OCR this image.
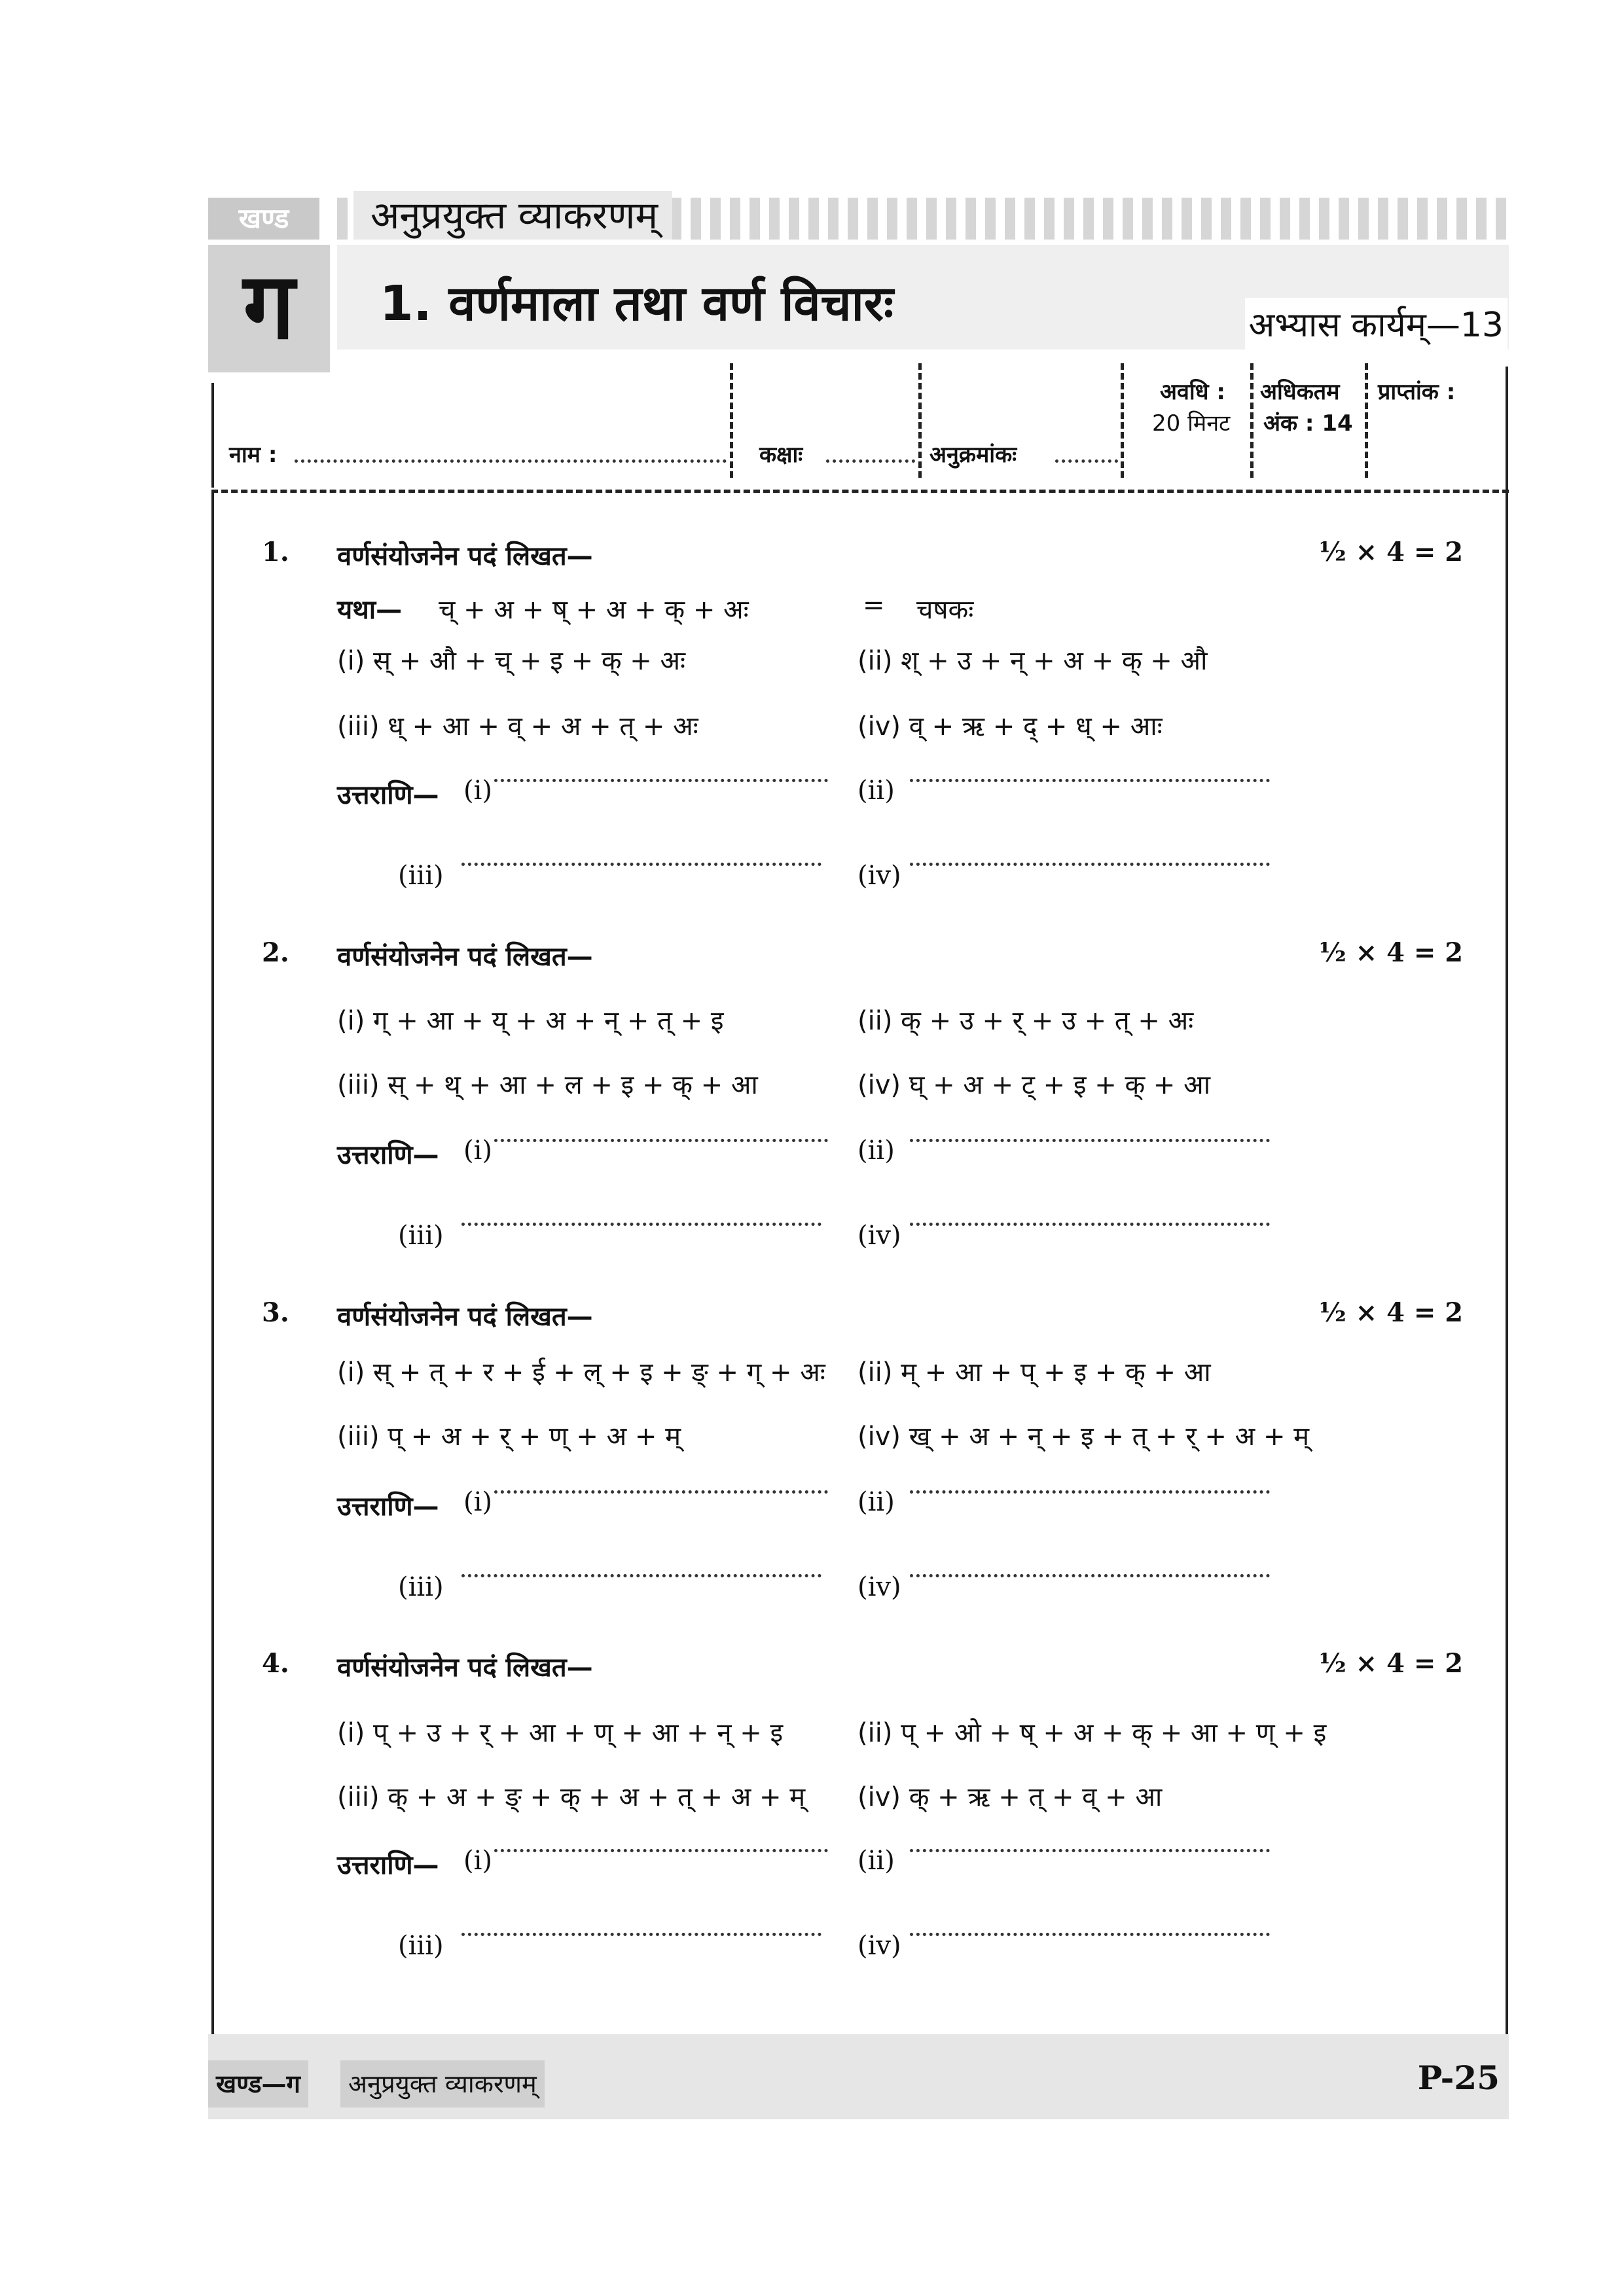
खण्ड	अनुप्रयुक्त व्याकरणम्
ग	1. वर्णमाला तथा वर्ण विचारः	अभ्यास कार्यम्—13
नाम :	कक्षाः	अनुक्रमांकः
अवधि :
20 मिनट
अधिकतम
अंक : 14
प्राप्तांक :
1. वर्णसंयोजनेन पदं लिखत—	½ × 4 = 2
यथा— च् + अ + ष् + अ + क् + अः	= चषकः
(i) स् + औ + च् + इ + क् + अः	(ii) श् + उ + न् + अ + क् + औ
(iii) ध् + आ + व् + अ + त् + अः	(iv) व् + ऋ + द् + ध् + आः
उत्तराणि— (i)	(ii)
(iii)	(iv)
2. वर्णसंयोजनेन पदं लिखत—	½ × 4 = 2
(i) ग् + आ + य् + अ + न् + त् + इ	(ii) क् + उ + र् + उ + त् + अः
(iii) स् + थ् + आ + ल + इ + क् + आ	(iv) घ् + अ + ट् + इ + क् + आ
उत्तराणि— (i)	(ii)
(iii)	(iv)
3. वर्णसंयोजनेन पदं लिखत—	½ × 4 = 2
(i) स् + त् + र + ई + ल् + इ + ङ् + ग् + अः (ii) म् + आ + प् + इ + क् + आ
(iii) प् + अ + र् + ण् + अ + म्	(iv) ख् + अ + न् + इ + त् + र् + अ + म्
उत्तराणि— (i)	(ii)
(iii)	(iv)
4. वर्णसंयोजनेन पदं लिखत—	½ × 4 = 2
(i) प् + उ + र् + आ + ण् + आ + न् + इ	(ii) प् + ओ + ष् + अ + क् + आ + ण् + इ
(iii) क् + अ + ङ् + क् + अ + त् + अ + म् (iv) क् + ऋ + त् + व् + आ
उत्तराणि— (i)	(ii)
(iii)	(iv)
खण्ड—ग	अनुप्रयुक्त व्याकरणम्	P-25
